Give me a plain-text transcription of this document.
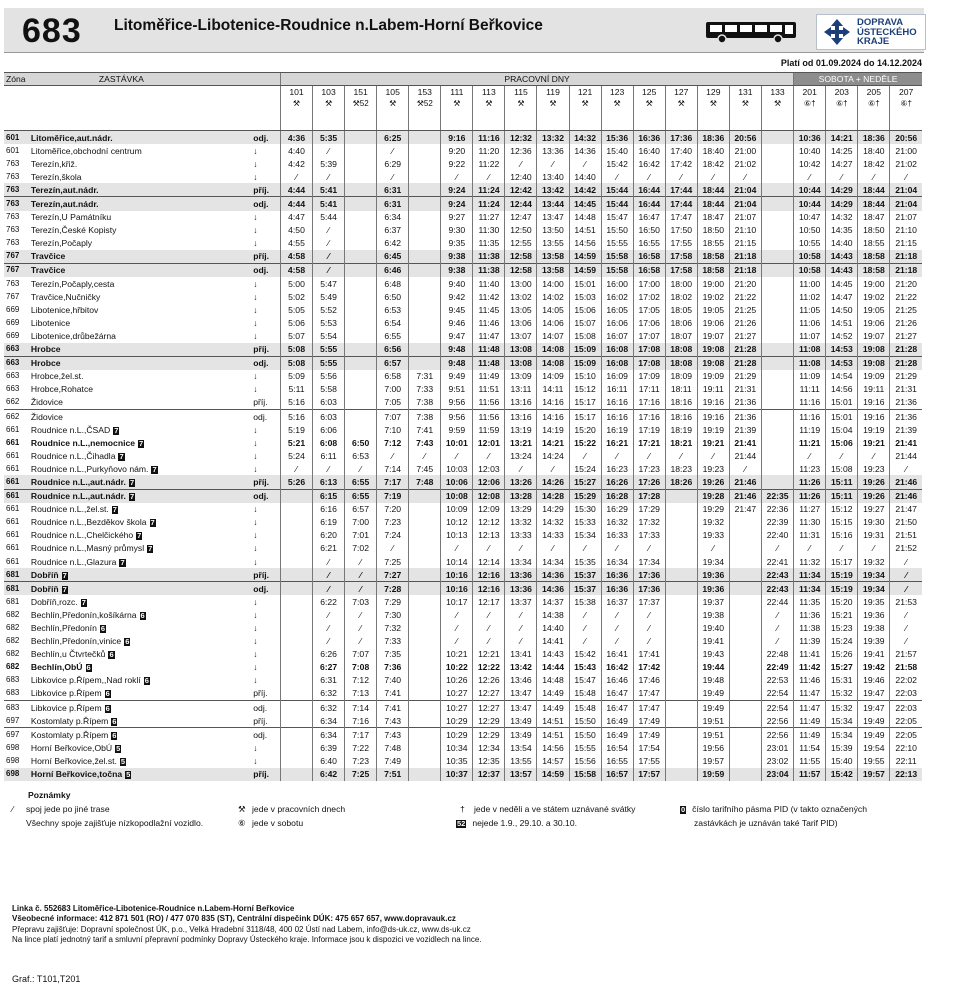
683 Litoměřice-Libotenice-Roudnice n.Labem-Horní Beřkovice	DOPRAVA
ÚSTECKÉHO
KRAJE
Platí od 01.09.2024 do 14.12.2024
Zóna	ZASTÁVKA		PRACOVNÍ DNY																SOBOTA + NEDĚLE			
			101	103	151	105	153	111	113	115	119	121	123	125	127	129	131	133	201	203	205	207
			⚒	⚒	⚒52	⚒	⚒52	⚒	⚒	⚒	⚒	⚒	⚒	⚒	⚒	⚒	⚒	⚒	⑥†	⑥†	⑥†	⑥†

601	Litoměřice,aut.nádr.	odj.	4:36	5:35		6:25		9:16	11:16	12:32	13:32	14:32	15:36	16:36	17:36	18:36	20:56		10:36	14:21	18:36	20:56
601	Litoměřice,obchodní centrum	↓	4:40	⁄		⁄		9:20	11:20	12:36	13:36	14:36	15:40	16:40	17:40	18:40	21:00		10:40	14:25	18:40	21:00
763	Terezín,křiž.	↓	4:42	5:39		6:29		9:22	11:22	⁄	⁄	⁄	15:42	16:42	17:42	18:42	21:02		10:42	14:27	18:42	21:02
763	Terezín,škola	↓	⁄	⁄		⁄		⁄	⁄	12:40	13:40	14:40	⁄	⁄	⁄	⁄	⁄		⁄	⁄	⁄	⁄
763	Terezín,aut.nádr.	příj.	4:44	5:41		6:31		9:24	11:24	12:42	13:42	14:42	15:44	16:44	17:44	18:44	21:04		10:44	14:29	18:44	21:04
763	Terezín,aut.nádr.	odj.	4:44	5:41		6:31		9:24	11:24	12:44	13:44	14:45	15:44	16:44	17:44	18:44	21:04		10:44	14:29	18:44	21:04
763	Terezín,U Památníku	↓	4:47	5:44		6:34		9:27	11:27	12:47	13:47	14:48	15:47	16:47	17:47	18:47	21:07		10:47	14:32	18:47	21:07
763	Terezín,České Kopisty	↓	4:50	⁄		6:37		9:30	11:30	12:50	13:50	14:51	15:50	16:50	17:50	18:50	21:10		10:50	14:35	18:50	21:10
763	Terezín,Počaply	↓	4:55	⁄		6:42		9:35	11:35	12:55	13:55	14:56	15:55	16:55	17:55	18:55	21:15		10:55	14:40	18:55	21:15
767	Travčice	příj.	4:58	⁄		6:45		9:38	11:38	12:58	13:58	14:59	15:58	16:58	17:58	18:58	21:18		10:58	14:43	18:58	21:18
767	Travčice	odj.	4:58	⁄		6:46		9:38	11:38	12:58	13:58	14:59	15:58	16:58	17:58	18:58	21:18		10:58	14:43	18:58	21:18
763	Terezín,Počaply,cesta	↓	5:00	5:47		6:48		9:40	11:40	13:00	14:00	15:01	16:00	17:00	18:00	19:00	21:20		11:00	14:45	19:00	21:20
767	Travčice,Nučničky	↓	5:02	5:49		6:50		9:42	11:42	13:02	14:02	15:03	16:02	17:02	18:02	19:02	21:22		11:02	14:47	19:02	21:22
669	Libotenice,hřbitov	↓	5:05	5:52		6:53		9:45	11:45	13:05	14:05	15:06	16:05	17:05	18:05	19:05	21:25		11:05	14:50	19:05	21:25
669	Libotenice	↓	5:06	5:53		6:54		9:46	11:46	13:06	14:06	15:07	16:06	17:06	18:06	19:06	21:26		11:06	14:51	19:06	21:26
669	Libotenice,drůbežárna	↓	5:07	5:54		6:55		9:47	11:47	13:07	14:07	15:08	16:07	17:07	18:07	19:07	21:27		11:07	14:52	19:07	21:27
663	Hrobce	příj.	5:08	5:55		6:56		9:48	11:48	13:08	14:08	15:09	16:08	17:08	18:08	19:08	21:28		11:08	14:53	19:08	21:28
663	Hrobce	odj.	5:08	5:55		6:57		9:48	11:48	13:08	14:08	15:09	16:08	17:08	18:08	19:08	21:28		11:08	14:53	19:08	21:28
663	Hrobce,žel.st.	↓	5:09	5:56		6:58	7:31	9:49	11:49	13:09	14:09	15:10	16:09	17:09	18:09	19:09	21:29		11:09	14:54	19:09	21:29
663	Hrobce,Rohatce	↓	5:11	5:58		7:00	7:33	9:51	11:51	13:11	14:11	15:12	16:11	17:11	18:11	19:11	21:31		11:11	14:56	19:11	21:31
662	Židovice	příj.	5:16	6:03		7:05	7:38	9:56	11:56	13:16	14:16	15:17	16:16	17:16	18:16	19:16	21:36		11:16	15:01	19:16	21:36
662	Židovice	odj.	5:16	6:03		7:07	7:38	9:56	11:56	13:16	14:16	15:17	16:16	17:16	18:16	19:16	21:36		11:16	15:01	19:16	21:36
661	Roudnice n.L.,ČSAD 7	↓	5:19	6:06		7:10	7:41	9:59	11:59	13:19	14:19	15:20	16:19	17:19	18:19	19:19	21:39		11:19	15:04	19:19	21:39
661	Roudnice n.L.,nemocnice 7	↓	5:21	6:08	6:50	7:12	7:43	10:01	12:01	13:21	14:21	15:22	16:21	17:21	18:21	19:21	21:41		11:21	15:06	19:21	21:41
661	Roudnice n.L.,Čihadla 7	↓	5:24	6:11	6:53	⁄	⁄	⁄	⁄	13:24	14:24	⁄	⁄	⁄	⁄	⁄	21:44		⁄	⁄	⁄	21:44
661	Roudnice n.L.,Purkyňovo nám. 7	↓	⁄	⁄	⁄	7:14	7:45	10:03	12:03	⁄	⁄	15:24	16:23	17:23	18:23	19:23	⁄		11:23	15:08	19:23	⁄
661	Roudnice n.L.,aut.nádr. 7	příj.	5:26	6:13	6:55	7:17	7:48	10:06	12:06	13:26	14:26	15:27	16:26	17:26	18:26	19:26	21:46		11:26	15:11	19:26	21:46
661	Roudnice n.L.,aut.nádr. 7	odj.		6:15	6:55	7:19		10:08	12:08	13:28	14:28	15:29	16:28	17:28		19:28	21:46	22:35	11:26	15:11	19:26	21:46
661	Roudnice n.L.,žel.st. 7	↓		6:16	6:57	7:20		10:09	12:09	13:29	14:29	15:30	16:29	17:29		19:29	21:47	22:36	11:27	15:12	19:27	21:47
661	Roudnice n.L.,Bezděkov škola 7	↓		6:19	7:00	7:23		10:12	12:12	13:32	14:32	15:33	16:32	17:32		19:32		22:39	11:30	15:15	19:30	21:50
661	Roudnice n.L.,Chelčického 7	↓		6:20	7:01	7:24		10:13	12:13	13:33	14:33	15:34	16:33	17:33		19:33		22:40	11:31	15:16	19:31	21:51
661	Roudnice n.L.,Masný průmysl 7	↓		6:21	7:02	⁄		⁄	⁄	⁄	⁄	⁄	⁄	⁄		⁄		⁄	⁄	⁄	⁄	21:52
661	Roudnice n.L.,Glazura 7	↓		⁄	⁄	7:25		10:14	12:14	13:34	14:34	15:35	16:34	17:34		19:34		22:41	11:32	15:17	19:32	⁄
681	Dobříň 7	příj.		⁄	⁄	7:27		10:16	12:16	13:36	14:36	15:37	16:36	17:36		19:36		22:43	11:34	15:19	19:34	⁄
681	Dobříň 7	odj.		⁄	⁄	7:28		10:16	12:16	13:36	14:36	15:37	16:36	17:36		19:36		22:43	11:34	15:19	19:34	⁄
681	Dobříň,rozc. 7	↓		6:22	7:03	7:29		10:17	12:17	13:37	14:37	15:38	16:37	17:37		19:37		22:44	11:35	15:20	19:35	21:53
682	Bechlín,Předonín,košíkárna 6	↓		⁄	⁄	7:30		⁄	⁄	⁄	14:38	⁄	⁄	⁄		19:38		⁄	11:36	15:21	19:36	⁄
682	Bechlín,Předonín 6	↓		⁄	⁄	7:32		⁄	⁄	⁄	14:40	⁄	⁄	⁄		19:40		⁄	11:38	15:23	19:38	⁄
682	Bechlín,Předonín,vinice 6	↓		⁄	⁄	7:33		⁄	⁄	⁄	14:41	⁄	⁄	⁄		19:41		⁄	11:39	15:24	19:39	⁄
682	Bechlín,u Čtvrtečků 6	↓		6:26	7:07	7:35		10:21	12:21	13:41	14:43	15:42	16:41	17:41		19:43		22:48	11:41	15:26	19:41	21:57
682	Bechlín,ObÚ 6	↓		6:27	7:08	7:36		10:22	12:22	13:42	14:44	15:43	16:42	17:42		19:44		22:49	11:42	15:27	19:42	21:58
683	Libkovice p.Řípem,,Nad roklí 6	↓		6:31	7:12	7:40		10:26	12:26	13:46	14:48	15:47	16:46	17:46		19:48		22:53	11:46	15:31	19:46	22:02
683	Libkovice p.Řípem 6	příj.		6:32	7:13	7:41		10:27	12:27	13:47	14:49	15:48	16:47	17:47		19:49		22:54	11:47	15:32	19:47	22:03
683	Libkovice p.Řípem 6	odj.		6:32	7:14	7:41		10:27	12:27	13:47	14:49	15:48	16:47	17:47		19:49		22:54	11:47	15:32	19:47	22:03
697	Kostomlaty p.Řípem 6	příj.		6:34	7:16	7:43		10:29	12:29	13:49	14:51	15:50	16:49	17:49		19:51		22:56	11:49	15:34	19:49	22:05
697	Kostomlaty p.Řípem 6	odj.		6:34	7:17	7:43		10:29	12:29	13:49	14:51	15:50	16:49	17:49		19:51		22:56	11:49	15:34	19:49	22:05
698	Horní Beřkovice,ObÚ 5	↓		6:39	7:22	7:48		10:34	12:34	13:54	14:56	15:55	16:54	17:54		19:56		23:01	11:54	15:39	19:54	22:10
698	Horní Beřkovice,žel.st. 5	↓		6:40	7:23	7:49		10:35	12:35	13:55	14:57	15:56	16:55	17:55		19:57		23:02	11:55	15:40	19:55	22:11
698	Horní Beřkovice,točna 5	příj.		6:42	7:25	7:51		10:37	12:37	13:57	14:59	15:58	16:57	17:57		19:59		23:04	11:57	15:42	19:57	22:13
Poznámky
⁄ spoj jede po jiné trase
Všechny spoje zajišťuje nízkopodlažní vozidlo.
⚒ jede v pracovních dnech
⑥ jede v sobotu
† jede v neděli a ve státem uznávané svátky
52 nejede 1.9., 29.10. a 30.10.
0 číslo tarifního pásma PID (v takto označených
zastávkách je uznáván také Tarif PID)
Linka č. 552683 Litoměřice-Libotenice-Roudnice n.Labem-Horní Beřkovice
Všeobecné informace: 412 871 501 (RO) / 477 070 835 (ST), Centrální dispečink DÚK: 475 657 657, www.dopravauk.cz
Přepravu zajišťuje: Dopravní společnost ÚK, p.o., Velká Hradební 3118/48, 400 02 Ústí nad Labem, info@ds-uk.cz, www.ds-uk.cz
Na lince platí jednotný tarif a smluvní přepravní podmínky Dopravy Ústeckého kraje. Informace jsou k dispozici ve vozidlech na lince.
Graf.: T101,T201
